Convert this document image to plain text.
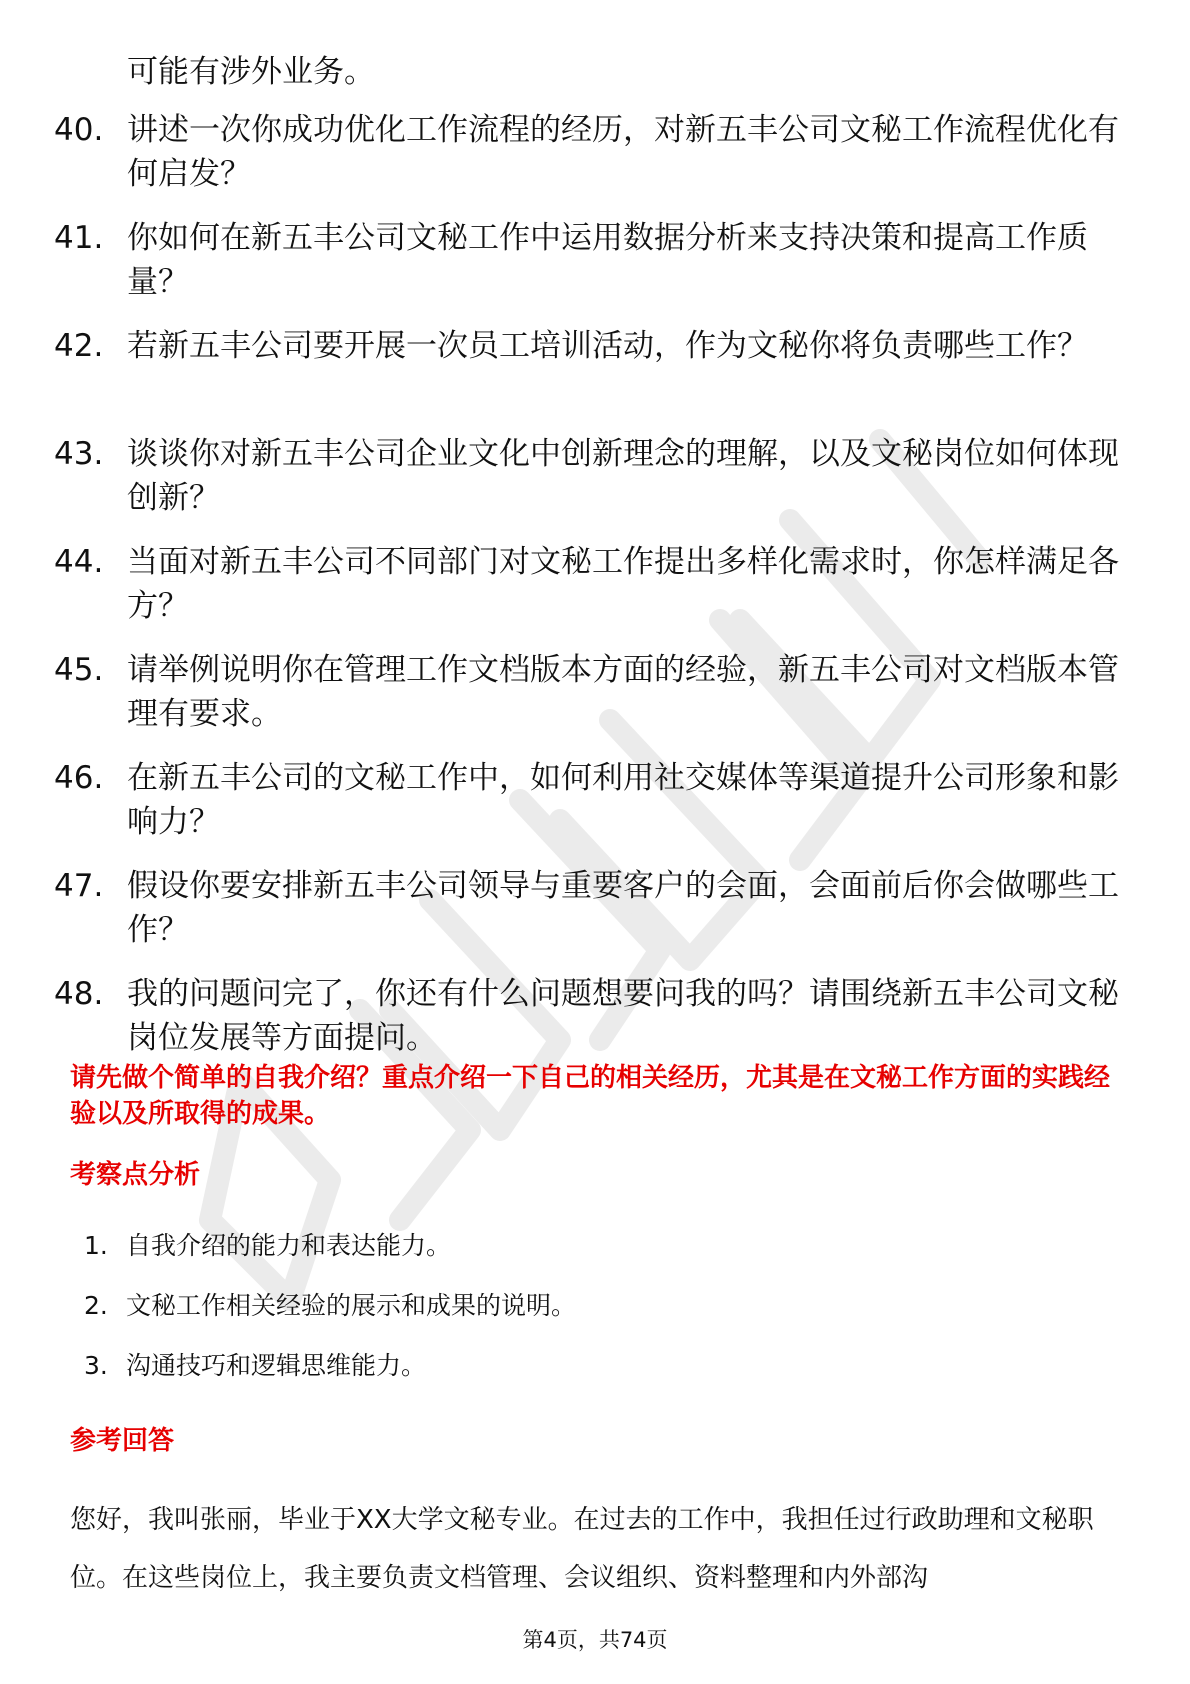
可能有涉外业务。
40. 讲述一次你成功优化工作流程的经历，对新五丰公司文秘工作流程优化有何启发？
41. 你如何在新五丰公司文秘工作中运用数据分析来支持决策和提高工作质量？
42. 若新五丰公司要开展一次员工培训活动，作为文秘你将负责哪些工作？
43. 谈谈你对新五丰公司企业文化中创新理念的理解，以及文秘岗位如何体现创新？
44. 当面对新五丰公司不同部门对文秘工作提出多样化需求时，你怎样满足各方？
45. 请举例说明你在管理工作文档版本方面的经验，新五丰公司对文档版本管理有要求。
46. 在新五丰公司的文秘工作中，如何利用社交媒体等渠道提升公司形象和影响力？
47. 假设你要安排新五丰公司领导与重要客户的会面，会面前后你会做哪些工作？
48. 我的问题问完了，你还有什么问题想要问我的吗？请围绕新五丰公司文秘岗位发展等方面提问。
请先做个简单的自我介绍？重点介绍一下自己的相关经历，尤其是在文秘工作方面的实践经验以及所取得的成果。
考察点分析
1. 自我介绍的能力和表达能力。
2. 文秘工作相关经验的展示和成果的说明。
3. 沟通技巧和逻辑思维能力。
参考回答

您好，我叫张丽，毕业于XX大学文秘专业。在过去的工作中，我担任过行政助理和文秘职位。在这些岗位上，我主要负责文档管理、会议组织、资料整理和内外部沟

第4页，共74页
